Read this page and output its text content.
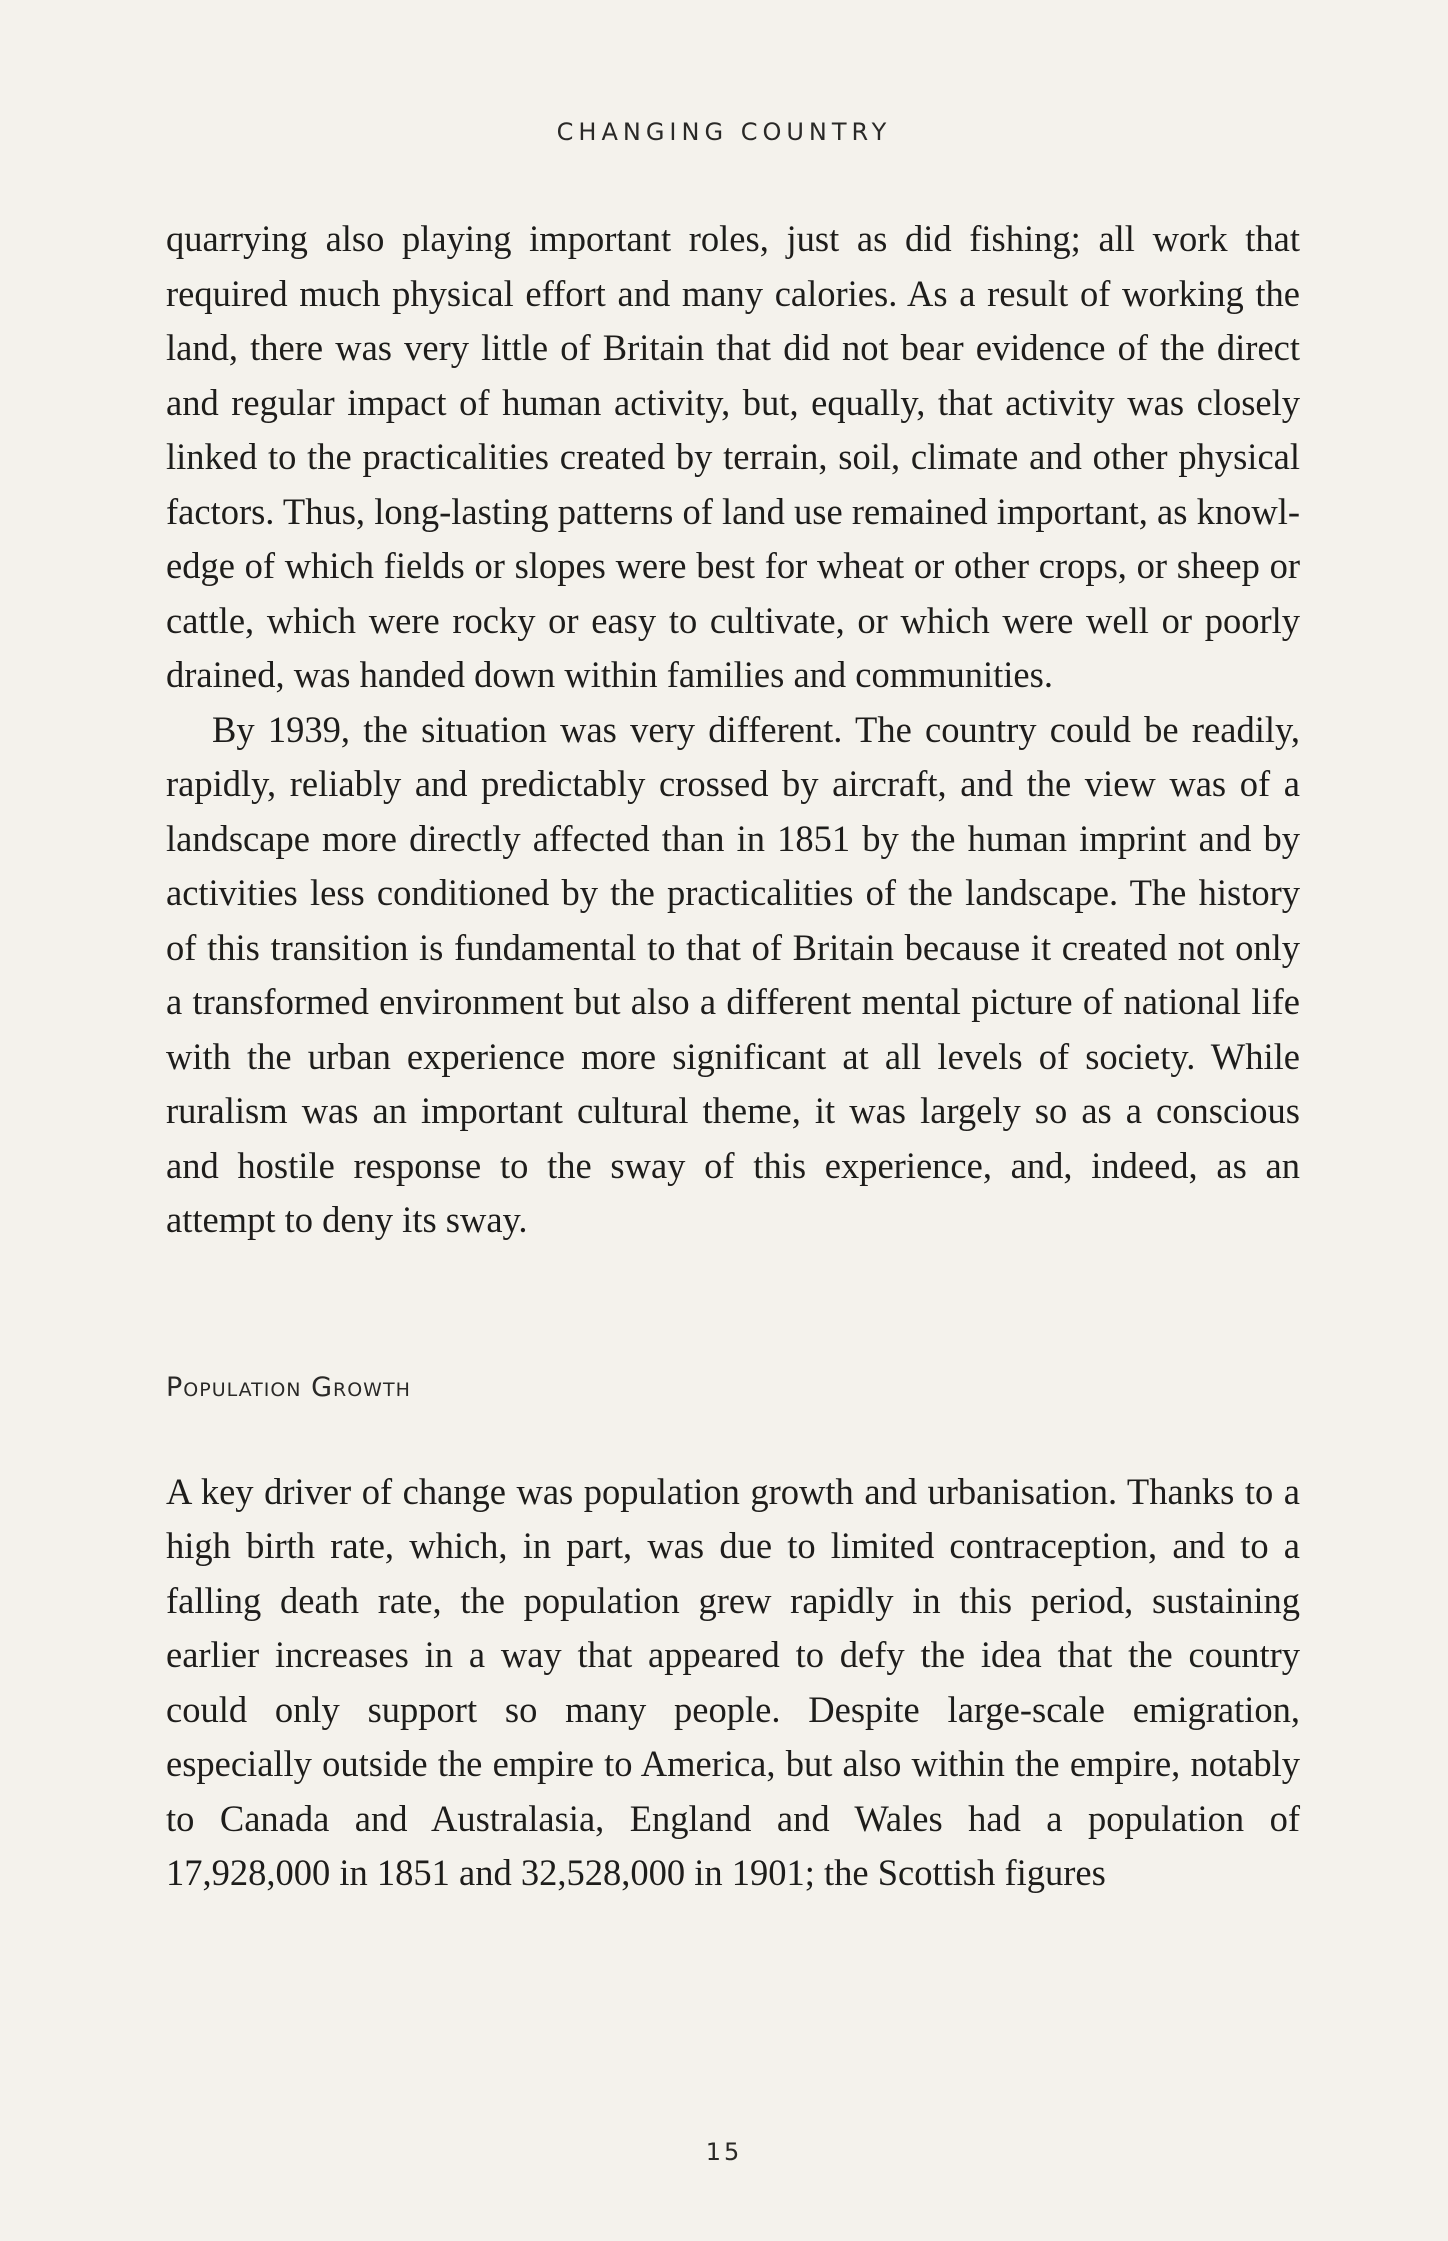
CHANGING COUNTRY

quarrying also playing important roles, just as did fishing; all work that required much physical effort and many calories. As a result of working the land, there was very little of Britain that did not bear evidence of the direct and regular impact of human activity, but, equally, that activity was closely linked to the practicalities created by terrain, soil, climate and other physical factors. Thus, long-lasting patterns of land use remained important, as knowledge of which fields or slopes were best for wheat or other crops, or sheep or cattle, which were rocky or easy to cultivate, or which were well or poorly drained, was handed down within families and communities.

By 1939, the situation was very different. The country could be readily, rapidly, reliably and predictably crossed by aircraft, and the view was of a landscape more directly affected than in 1851 by the human imprint and by activities less conditioned by the practicalities of the landscape. The history of this transition is fundamental to that of Britain because it created not only a transformed environment but also a different mental picture of national life with the urban experience more significant at all levels of society. While ruralism was an important cultural theme, it was largely so as a conscious and hostile response to the sway of this experience, and, indeed, as an attempt to deny its sway.

Population Growth

A key driver of change was population growth and urbanisation. Thanks to a high birth rate, which, in part, was due to limited contraception, and to a falling death rate, the population grew rapidly in this period, sustaining earlier increases in a way that appeared to defy the idea that the country could only support so many people. Despite large-scale emigration, especially outside the empire to America, but also within the empire, notably to Canada and Australasia, England and Wales had a population of 17,928,000 in 1851 and 32,528,000 in 1901; the Scottish figures

15
